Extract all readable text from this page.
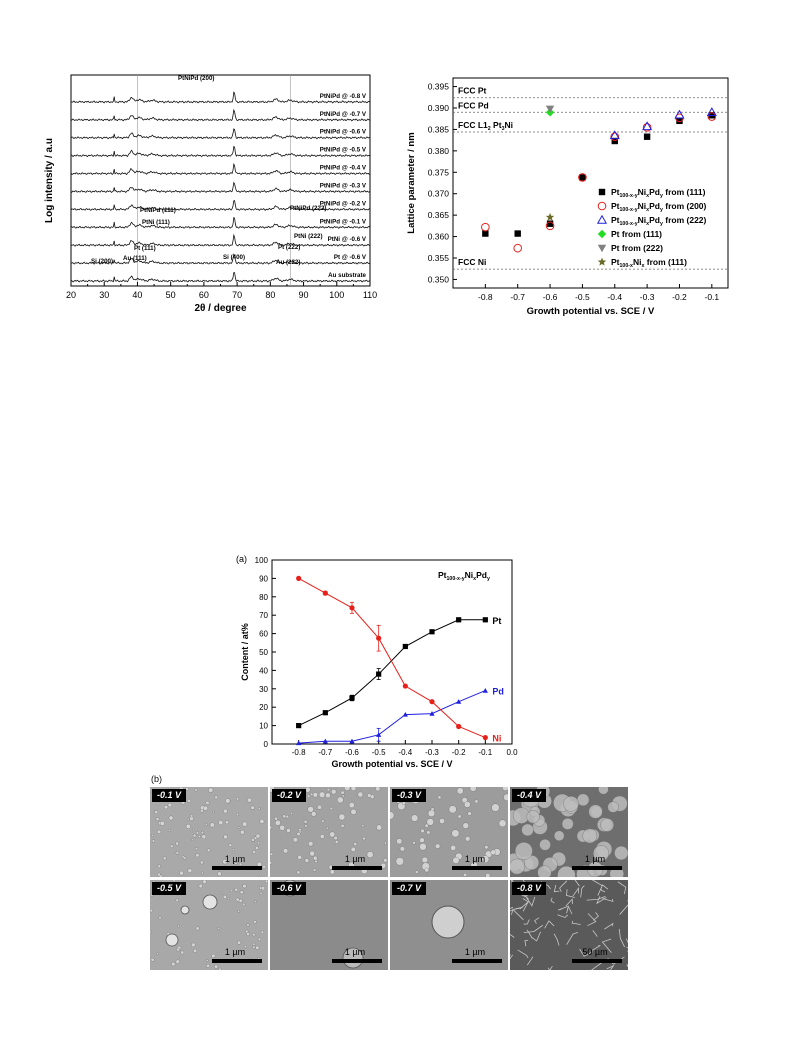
20	30	40	50	60	70	80	90 100 110
2θ / degree
Log intensity / a.u
PtNiPd @ -0.8 V
PtNiPd @ -0.7 V
PtNiPd @ -0.6 V
PtNiPd @ -0.5 V
PtNiPd @ -0.4 V
PtNiPd @ -0.3 V
PtNiPd @ -0.2 V
PtNiPd @ -0.1 V
PtNi @ -0.6 V
Pt @ -0.6 V
Au substrate
PtNiPd (200)
PtNiPd (111)
PtNi (111)
Pt (111)
Si (200) Au (111)	Si (400)
Au (222)
Pt (222)
PtNi (222)
PtNiPd (222)
FCC Pt
FCC Pd
FCC $L1_2$ $Pt_3Ni$
FCC Ni
-0.8 -0.7 -0.6 -0.5 -0.4 -0.3 -0.2 -0.1
0.350
0.355
0.360
0.365
0.370
0.375
0.380
0.385
0.390
0.395
Growth potential vs. SCE / V
Lattice parameter / nm	$Pt_{100-x-y}Ni_xPd_y$ from (111)
$Pt_{100-x-y}Ni_xPd_y$ from (200)
$Pt_{100-x-y}Ni_xPd_y$ from (222)
Pt from (111)
Pt from (222)
$Pt_{100-x}Ni_x$ from (111)
(a)
-0.8 -0.7 -0.6 -0.5 -0.4 -0.3 -0.2 -0.1 0.0
0
10
20
30
40
50
60
70
80
90
100
Growth potential vs. SCE / V
Content / at%
$Pt_{100-x-y}Ni_xPd_y$
Pt
Pd
Ni
(b)
-0.1 V
1 µm
-0.2 V
1 µm
-0.3 V
1 µm
-0.4 V
1 µm
-0.5 V
1 µm
-0.6 V
1 µm
-0.7 V
1 µm
-0.8 V
50 µm
